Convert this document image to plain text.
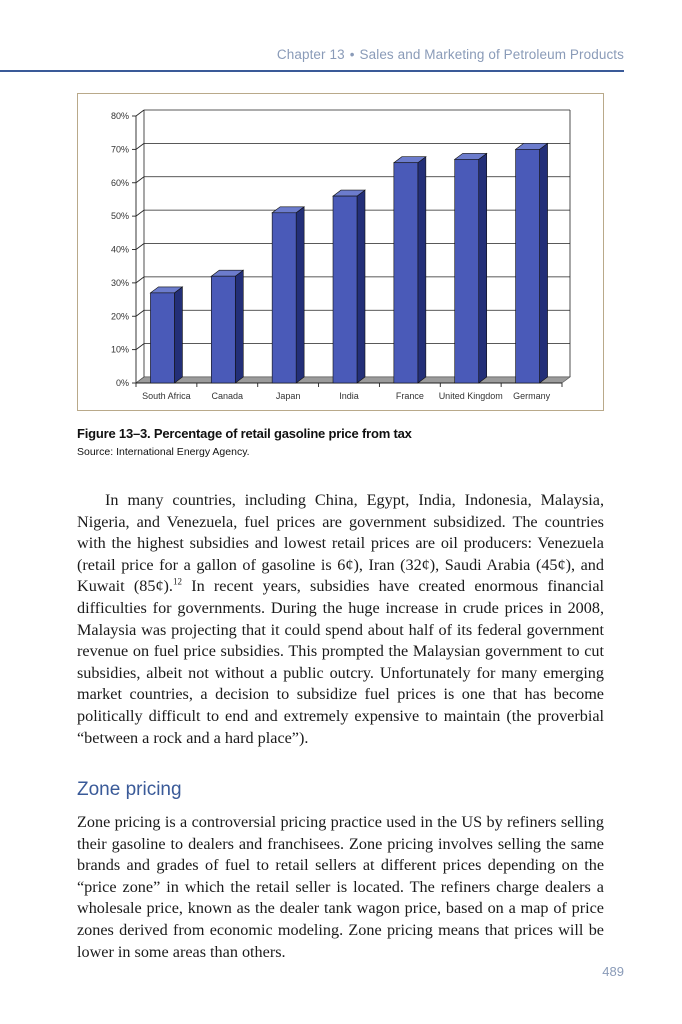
Chapter 13 • Sales and Marketing of Petroleum Products
0%
10%
20%
30%
40%
50%
60%
70%
80%
South Africa Canada	Japan	India	France United Kingdom Germany
Figure 13–3. Percentage of retail gasoline price from tax
Source: International Energy Agency.

In many countries, including China, Egypt, India, Indonesia, Malaysia, Nigeria, and Venezuela, fuel prices are government subsidized. The countries with the highest subsidies and lowest retail prices are oil producers: Venezuela (retail price for a gallon of gasoline is 6¢), Iran (32¢), Saudi Arabia (45¢), and Kuwait (85¢).$^{12}$ In recent years, subsidies have created enormous financial difficulties for governments. During the huge increase in crude prices in 2008, Malaysia was projecting that it could spend about half of its federal government revenue on fuel price subsidies. This prompted the Malaysian government to cut subsidies, albeit not without a public outcry. Unfortunately for many emerging market countries, a decision to subsidize fuel prices is one that has become politically difficult to end and extremely expensive to maintain (the proverbial “between a rock and a hard place”).

Zone pricing

Zone pricing is a controversial pricing practice used in the US by refiners selling their gasoline to dealers and franchisees. Zone pricing involves selling the same brands and grades of fuel to retail sellers at different prices depending on the “price zone” in which the retail seller is located. The refiners charge dealers a wholesale price, known as the dealer tank wagon price, based on a map of price zones derived from economic modeling. Zone pricing means that prices will be lower in some areas than others.

489
